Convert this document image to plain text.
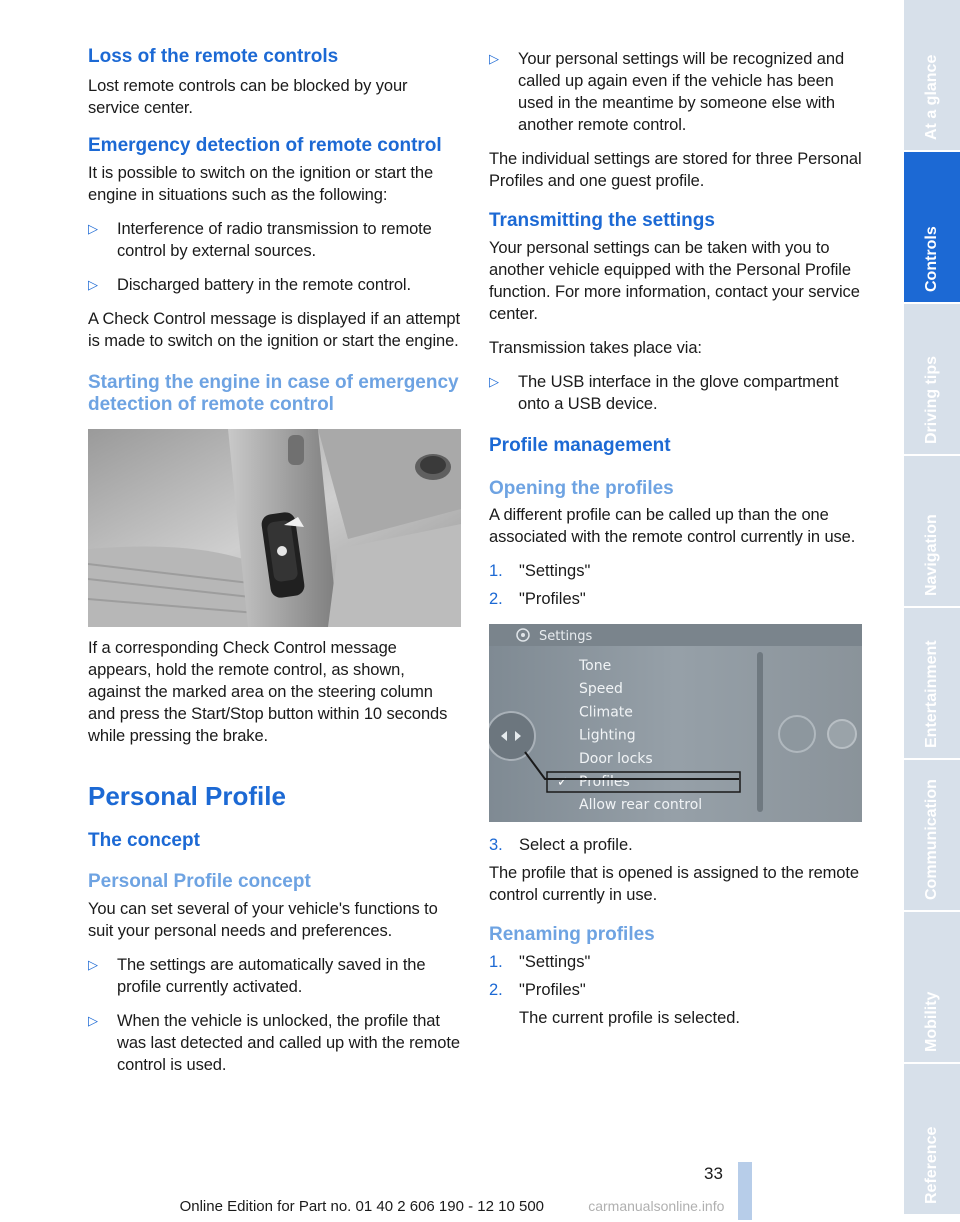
Loss of the remote controls

Lost remote controls can be blocked by your service center.

Emergency detection of remote control

It is possible to switch on the ignition or start the engine in situations such as the following:

▷ Interference of radio transmission to remote control by external sources.
▷ Discharged battery in the remote control.

A Check Control message is displayed if an attempt is made to switch on the ignition or start the engine.

Starting the engine in case of emergency detection of remote control

If a corresponding Check Control message appears, hold the remote control, as shown, against the marked area on the steering column and press the Start/Stop button within 10 seconds while pressing the brake.

Personal Profile
The concept
Personal Profile concept

You can set several of your vehicle's functions to suit your personal needs and preferences.

▷ The settings are automatically saved in the profile currently activated.
▷ When the vehicle is unlocked, the profile that was last detected and called up with the remote control is used.
▷ Your personal settings will be recognized and called up again even if the vehicle has been used in the meantime by someone else with another remote control.

The individual settings are stored for three Personal Profiles and one guest profile.

Transmitting the settings

Your personal settings can be taken with you to another vehicle equipped with the Personal Profile function. For more information, contact your service center.

Transmission takes place via:

▷ The USB interface in the glove compartment onto a USB device.
Profile management
Opening the profiles

A different profile can be called up than the one associated with the remote control currently in use.

1. "Settings"
2. "Profiles"
Settings
Tone
Speed
Climate
Lighting
Door locks
✓ Profiles
Allow rear control
3. Select a profile.

The profile that is opened is assigned to the remote control currently in use.

Renaming profiles
1. "Settings"
2. "Profiles"
The current profile is selected.
At a glance
Controls
Driving tips
Navigation
Entertainment
Communication
Mobility
Reference
33
Online Edition for Part no. 01 40 2 606 190 - 12 10 500	carmanualsonline.info
